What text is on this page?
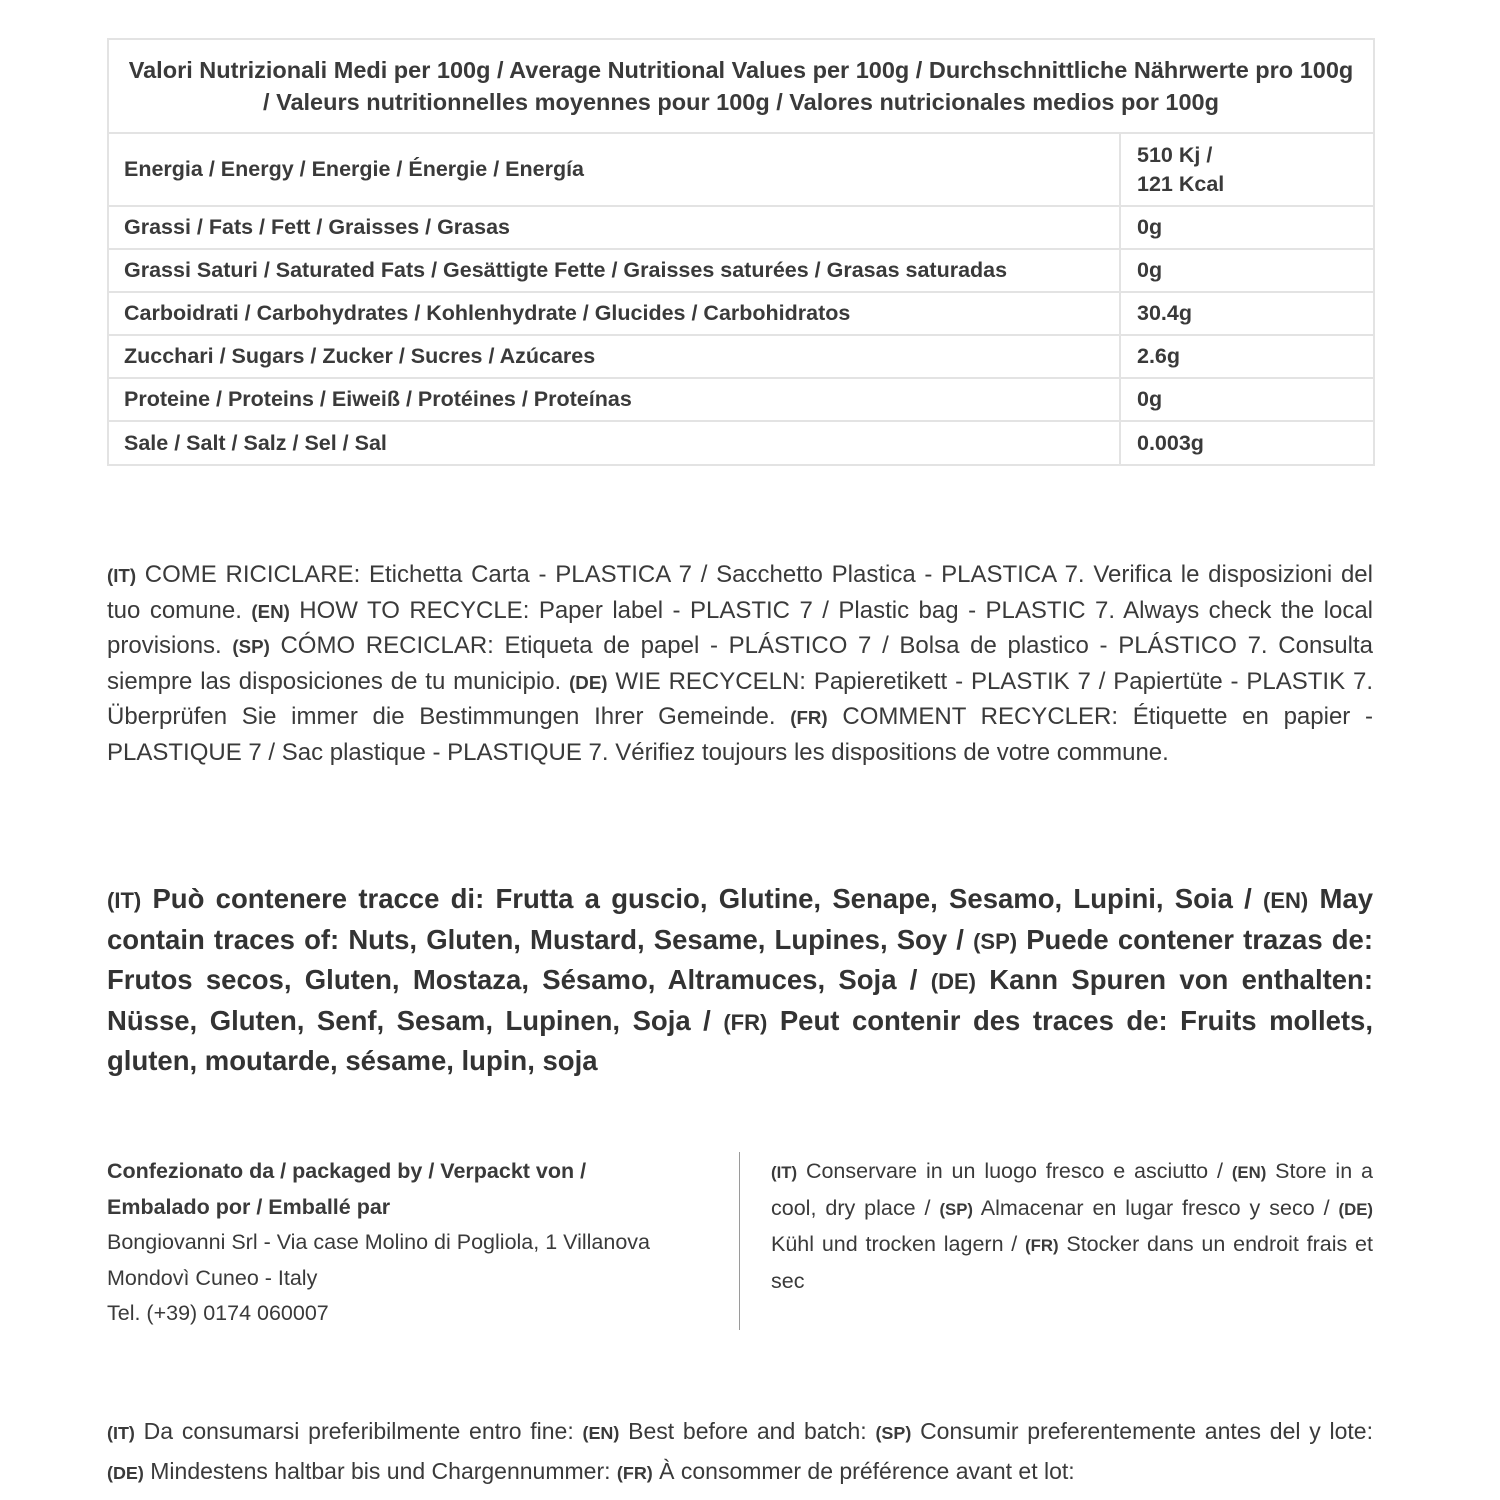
Valori Nutrizionali Medi per 100g / Average Nutritional Values per 100g / Durchschnittliche Nährwerte pro 100g / Valeurs nutritionnelles moyennes pour 100g / Valores nutricionales medios por 100g	
Energia / Energy / Energie / Énergie / Energía	510 Kj /
121 Kcal

Grassi / Fats / Fett / Graisses / Grasas	0g
Grassi Saturi / Saturated Fats / Gesättigte Fette / Graisses saturées / Grasas saturadas	0g
Carboidrati / Carbohydrates / Kohlenhydrate / Glucides / Carbohidratos	30.4g
Zucchari / Sugars / Zucker / Sucres / Azúcares	2.6g
Proteine / Proteins / Eiweiß / Protéines / Proteínas	0g
Sale / Salt / Salz / Sel / Sal	0.003g
(IT) COME RICICLARE: Etichetta Carta - PLASTICA 7 / Sacchetto Plastica - PLASTICA 7. Verifica le disposizioni del tuo comune. (EN) HOW TO RECYCLE: Paper label - PLASTIC 7 / Plastic bag - PLASTIC 7. Always check the local provisions. (SP) CÓMO RECICLAR: Etiqueta de papel - PLÁSTICO 7 / Bolsa de plastico - PLÁSTICO 7. Consulta siempre las disposiciones de tu municipio. (DE) WIE RECYCELN: Papieretikett - PLASTIK 7 / Papiertüte - PLASTIK 7. Überprüfen Sie immer die Bestimmungen Ihrer Gemeinde. (FR) COMMENT RECYCLER: Étiquette en papier - PLASTIQUE 7 / Sac plastique - PLASTIQUE 7. Vérifiez toujours les dispositions de votre commune.
(IT) Può contenere tracce di: Frutta a guscio, Glutine, Senape, Sesamo, Lupini, Soia / (EN) May contain traces of: Nuts, Gluten, Mustard, Sesame, Lupines, Soy / (SP) Puede contener trazas de: Frutos secos, Gluten, Mostaza, Sésamo, Altramuces, Soja / (DE) Kann Spuren von enthalten: Nüsse, Gluten, Senf, Sesam, Lupinen, Soja / (FR) Peut contenir des traces de: Fruits mollets, gluten, moutarde, sésame, lupin, soja
Confezionato da / packaged by / Verpackt von /
Embalado por / Emballé par
Bongiovanni Srl - Via case Molino di Pogliola, 1 Villanova
Mondovì Cuneo - Italy
Tel. (+39) 0174 060007
(IT) Conservare in un luogo fresco e asciutto / (EN) Store in a cool, dry place / (SP) Almacenar en lugar fresco y seco / (DE) Kühl und trocken lagern / (FR) Stocker dans un endroit frais et sec
(IT) Da consumarsi preferibilmente entro fine: (EN) Best before and batch: (SP) Consumir preferentemente antes del y lote: (DE) Mindestens haltbar bis und Chargennummer: (FR) À consommer de préférence avant et lot:
